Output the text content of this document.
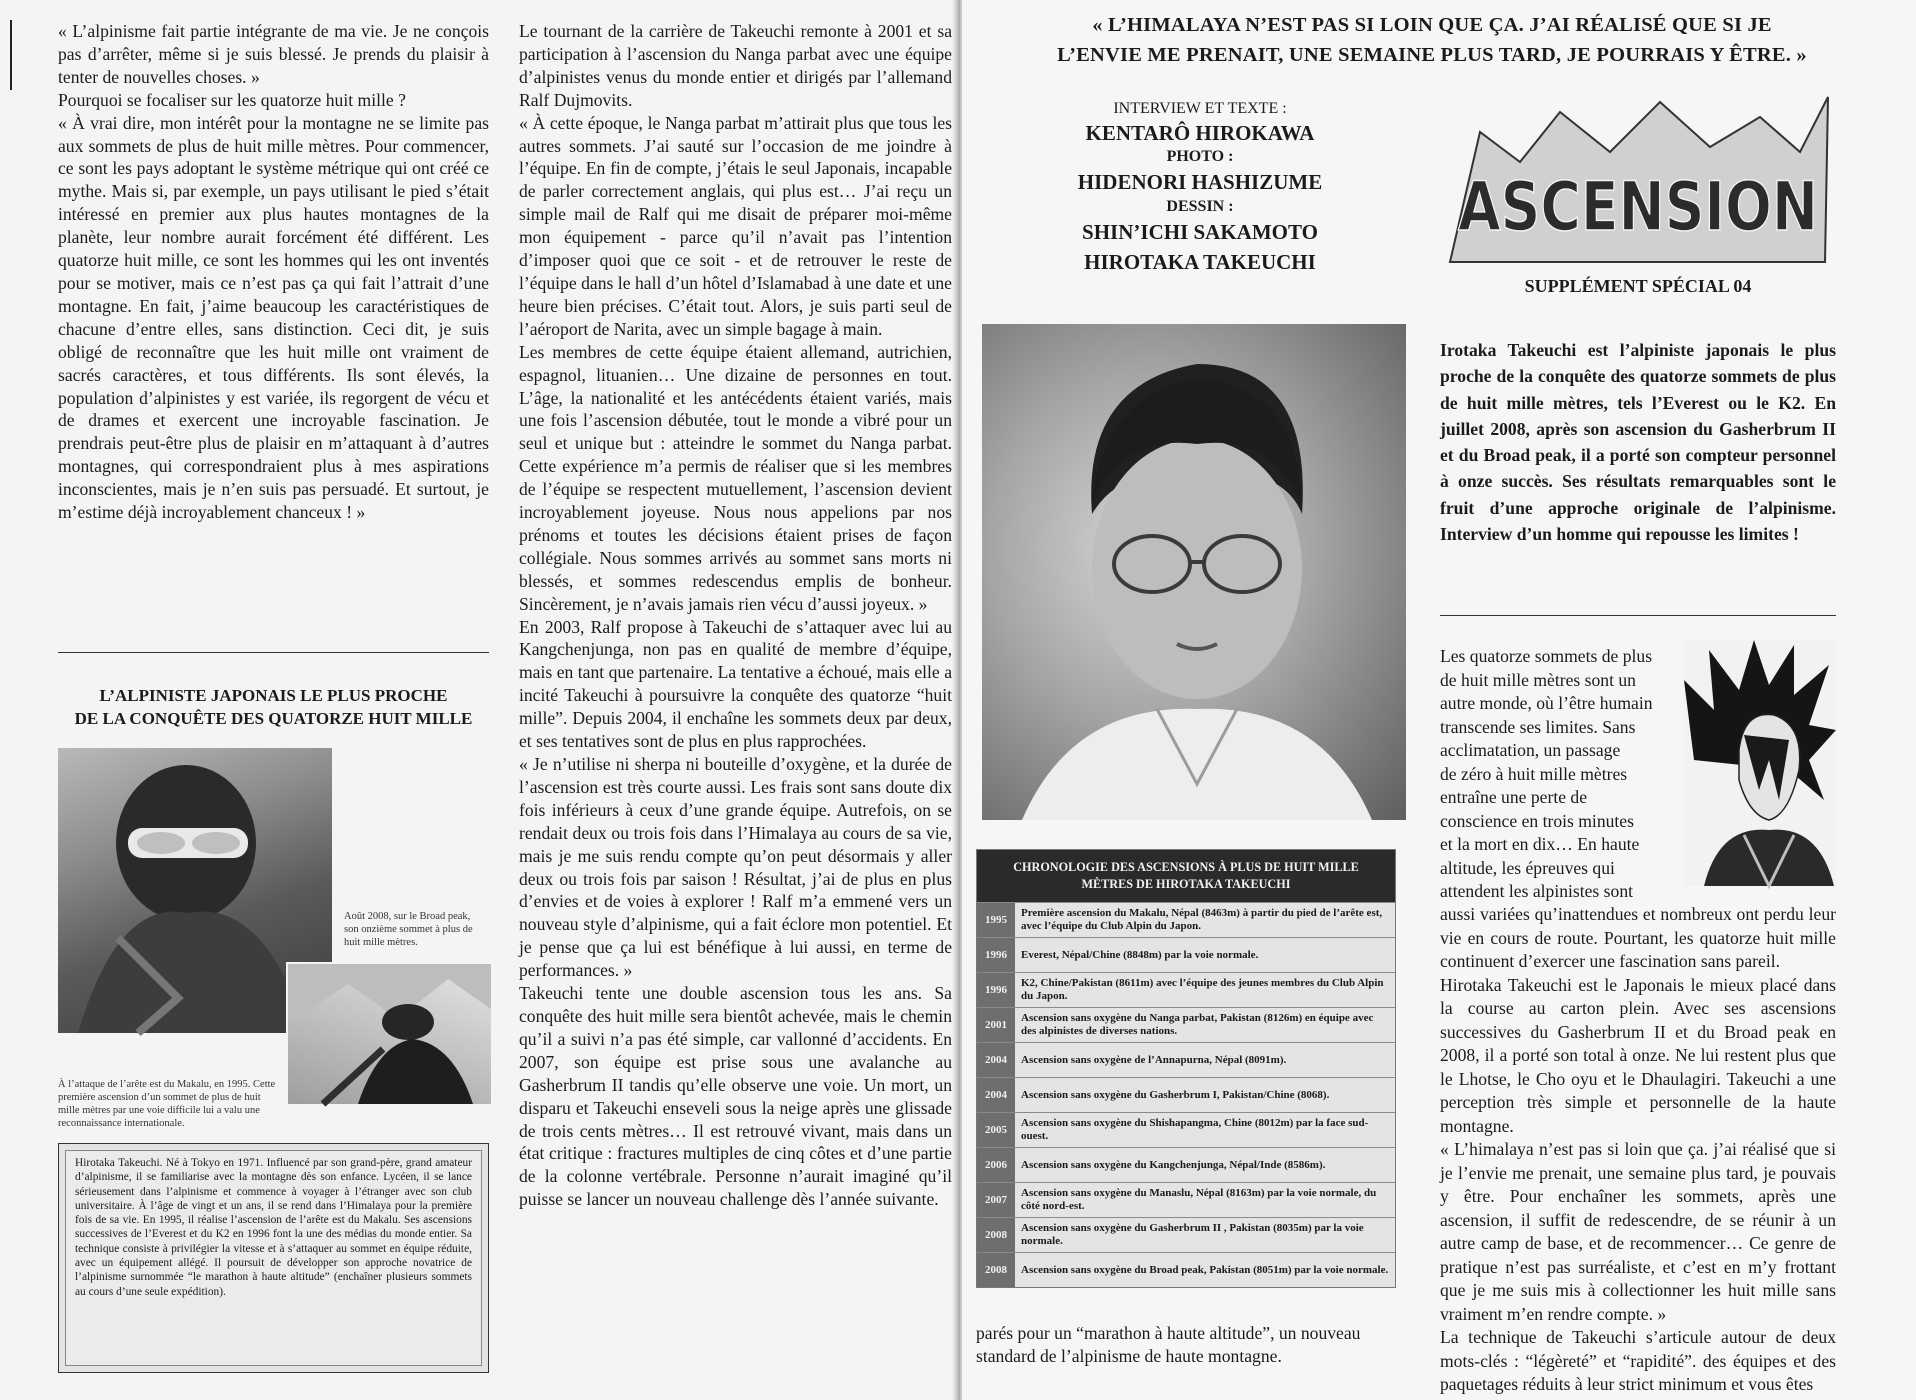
« L’alpinisme fait partie intégrante de ma vie. Je ne conçois pas d’arrêter, même si je suis blessé. Je prends du plaisir à tenter de nouvelles choses. »

Pourquoi se focaliser sur les quatorze huit mille ?

« À vrai dire, mon intérêt pour la montagne ne se limite pas aux sommets de plus de huit mille mètres. Pour commencer, ce sont les pays adoptant le système métrique qui ont créé ce mythe. Mais si, par exemple, un pays utilisant le pied s’était intéressé en premier aux plus hautes montagnes de la planète, leur nombre aurait forcément été différent. Les quatorze huit mille, ce sont les hommes qui les ont inventés pour se motiver, mais ce n’est pas ça qui fait l’attrait d’une montagne. En fait, j’aime beaucoup les caractéristiques de chacune d’entre elles, sans distinction. Ceci dit, je suis obligé de reconnaître que les huit mille ont vraiment de sacrés caractères, et tous différents. Ils sont élevés, la population d’alpinistes y est variée, ils regorgent de vécu et de drames et exercent une incroyable fascination. Je prendrais peut-être plus de plaisir en m’attaquant à d’autres montagnes, qui correspondraient plus à mes aspirations inconscientes, mais je n’en suis pas persuadé. Et surtout, je m’estime déjà incroyablement chanceux ! »

L’ALPINISTE JAPONAIS LE PLUS PROCHE
DE LA CONQUÊTE DES QUATORZE HUIT MILLE
Août 2008, sur le Broad peak, son onzième sommet à plus de huit mille mètres.
À l’attaque de l’arête est du Makalu, en 1995. Cette première ascension d’un sommet de plus de huit mille mètres par une voie difficile lui a valu une reconnaissance internationale.

Hirotaka Takeuchi. Né à Tokyo en 1971. Influencé par son grand-père, grand amateur d’alpinisme, il se familiarise avec la montagne dès son enfance. Lycéen, il se lance sérieusement dans l’alpinisme et commence à voyager à l’étranger avec son club universitaire. À l’âge de vingt et un ans, il se rend dans l’Himalaya pour la première fois de sa vie. En 1995, il réalise l’ascension de l’arête est du Makalu. Ses ascensions successives de l’Everest et du K2 en 1996 font la une des médias du monde entier. Sa technique consiste à privilégier la vitesse et à s’attaquer au sommet en équipe réduite, avec un équipement allégé. Il poursuit de développer son approche novatrice de l’alpinisme surnommée “le marathon à haute altitude” (enchaîner plusieurs sommets au cours d’une seule expédition).

Le tournant de la carrière de Takeuchi remonte à 2001 et sa participation à l’ascension du Nanga parbat avec une équipe d’alpinistes venus du monde entier et dirigés par l’allemand Ralf Dujmovits.

« À cette époque, le Nanga parbat m’attirait plus que tous les autres sommets. J’ai sauté sur l’occasion de me joindre à l’équipe. En fin de compte, j’étais le seul Japonais, incapable de parler correctement anglais, qui plus est… J’ai reçu un simple mail de Ralf qui me disait de préparer moi-même mon équipement - parce qu’il n’avait pas l’intention d’imposer quoi que ce soit - et de retrouver le reste de l’équipe dans le hall d’un hôtel d’Islamabad à une date et une heure bien précises. C’était tout. Alors, je suis parti seul de l’aéroport de Narita, avec un simple bagage à main.

Les membres de cette équipe étaient allemand, autrichien, espagnol, lituanien… Une dizaine de personnes en tout. L’âge, la nationalité et les antécédents étaient variés, mais une fois l’ascension débutée, tout le monde a vibré pour un seul et unique but : atteindre le sommet du Nanga parbat. Cette expérience m’a permis de réaliser que si les membres de l’équipe se respectent mutuellement, l’ascension devient incroyablement joyeuse. Nous nous appelions par nos prénoms et toutes les décisions étaient prises de façon collégiale. Nous sommes arrivés au sommet sans morts ni blessés, et sommes redescendus emplis de bonheur. Sincèrement, je n’avais jamais rien vécu d’aussi joyeux. »

En 2003, Ralf propose à Takeuchi de s’attaquer avec lui au Kangchenjunga, non pas en qualité de membre d’équipe, mais en tant que partenaire. La tentative a échoué, mais elle a incité Takeuchi à poursuivre la conquête des quatorze “huit mille”. Depuis 2004, il enchaîne les sommets deux par deux, et ses tentatives sont de plus en plus rapprochées.

« Je n’utilise ni sherpa ni bouteille d’oxygène, et la durée de l’ascension est très courte aussi. Les frais sont sans doute dix fois inférieurs à ceux d’une grande équipe. Autrefois, on se rendait deux ou trois fois dans l’Himalaya au cours de sa vie, mais je me suis rendu compte qu’on peut désormais y aller deux ou trois fois par saison ! Résultat, j’ai de plus en plus d’envies et de voies à explorer ! Ralf m’a emmené vers un nouveau style d’alpinisme, qui a fait éclore mon potentiel. Et je pense que ça lui est bénéfique à lui aussi, en terme de performances. »

Takeuchi tente une double ascension tous les ans. Sa conquête des huit mille sera bientôt achevée, mais le chemin qu’il a suivi n’a pas été simple, car vallonné d’accidents. En 2007, son équipe est prise sous une avalanche au Gasherbrum II tandis qu’elle observe une voie. Un mort, un disparu et Takeuchi enseveli sous la neige après une glissade de trois cents mètres… Il est retrouvé vivant, mais dans un état critique : fractures multiples de cinq côtes et d’une partie de la colonne vertébrale. Personne n’aurait imaginé qu’il puisse se lancer un nouveau challenge dès l’année suivante.

« L’HIMALAYA N’EST PAS SI LOIN QUE ÇA. J’AI RÉALISÉ QUE SI JE
L’ENVIE ME PRENAIT, UNE SEMAINE PLUS TARD, JE POURRAIS Y ÊTRE. »
INTERVIEW ET TEXTE :
KENTARÔ HIROKAWA
PHOTO :
HIDENORI HASHIZUME
DESSIN :
SHIN’ICHI SAKAMOTO
HIROTAKA TAKEUCHI
ASCENSION
SUPPLÉMENT SPÉCIAL 04
CHRONOLOGIE DES ASCENSIONS À PLUS DE HUIT MILLE MÈTRES DE HIROTAKA TAKEUCHI
1995	Première ascension du Makalu, Népal (8463m) à partir du pied de l’arête est, avec l’équipe du Club Alpin du Japon.
1996	Everest, Népal/Chine (8848m) par la voie normale.
1996	K2, Chine/Pakistan (8611m) avec l’équipe des jeunes membres du Club Alpin du Japon.
2001	Ascension sans oxygène du Nanga parbat, Pakistan (8126m) en équipe avec des alpinistes de diverses nations.
2004	Ascension sans oxygène de l’Annapurna, Népal (8091m).
2004	Ascension sans oxygène du Gasherbrum I, Pakistan/Chine (8068).
2005	Ascension sans oxygène du Shishapangma, Chine (8012m) par la face sud-ouest.
2006	Ascension sans oxygène du Kangchenjunga, Népal/Inde (8586m).
2007	Ascension sans oxygène du Manaslu, Népal (8163m) par la voie normale, du côté nord-est.
2008	Ascension sans oxygène du Gasherbrum II , Pakistan (8035m) par la voie normale.
2008	Ascension sans oxygène du Broad peak, Pakistan (8051m) par la voie normale.
parés pour un “marathon à haute altitude”, un nouveau standard de l’alpinisme de haute montagne.
Irotaka Takeuchi est l’alpiniste japonais le plus proche de la conquête des quatorze sommets de plus de huit mille mètres, tels l’Everest ou le K2. En juillet 2008, après son ascension du Gasherbrum II et du Broad peak, il a porté son compteur personnel à onze succès. Ses résultats remarquables sont le fruit d’une approche originale de l’alpinisme. Interview d’un homme qui repousse les limites !
Les quatorze sommets de plus
de huit mille mètres sont un
autre monde, où l’être humain
transcende ses limites. Sans
acclimatation, un passage
de zéro à huit mille mètres
entraîne une perte de
conscience en trois minutes
et la mort en dix… En haute
altitude, les épreuves qui
attendent les alpinistes sont

aussi variées qu’inattendues et nombreux ont perdu leur vie en cours de route. Pourtant, les quatorze huit mille continuent d’exercer une fascination sans pareil.

Hirotaka Takeuchi est le Japonais le mieux placé dans la course au carton plein. Avec ses ascensions successives du Gasherbrum II et du Broad peak en 2008, il a porté son total à onze. Ne lui restent plus que le Lhotse, le Cho oyu et le Dhaulagiri. Takeuchi a une perception très simple et personnelle de la haute montagne.

« L’himalaya n’est pas si loin que ça. j’ai réalisé que si je l’envie me prenait, une semaine plus tard, je pouvais y être. Pour enchaîner les sommets, après une ascension, il suffit de redescendre, de se réunir à un autre camp de base, et de recommencer… Ce genre de pratique n’est pas surréaliste, et c’est en m’y frottant que je me suis mis à collectionner les huit mille sans vraiment m’en rendre compte. »

La technique de Takeuchi s’articule autour de deux mots-clés : “légèreté” et “rapidité”. des équipes et des paquetages réduits à leur strict minimum et vous êtes
